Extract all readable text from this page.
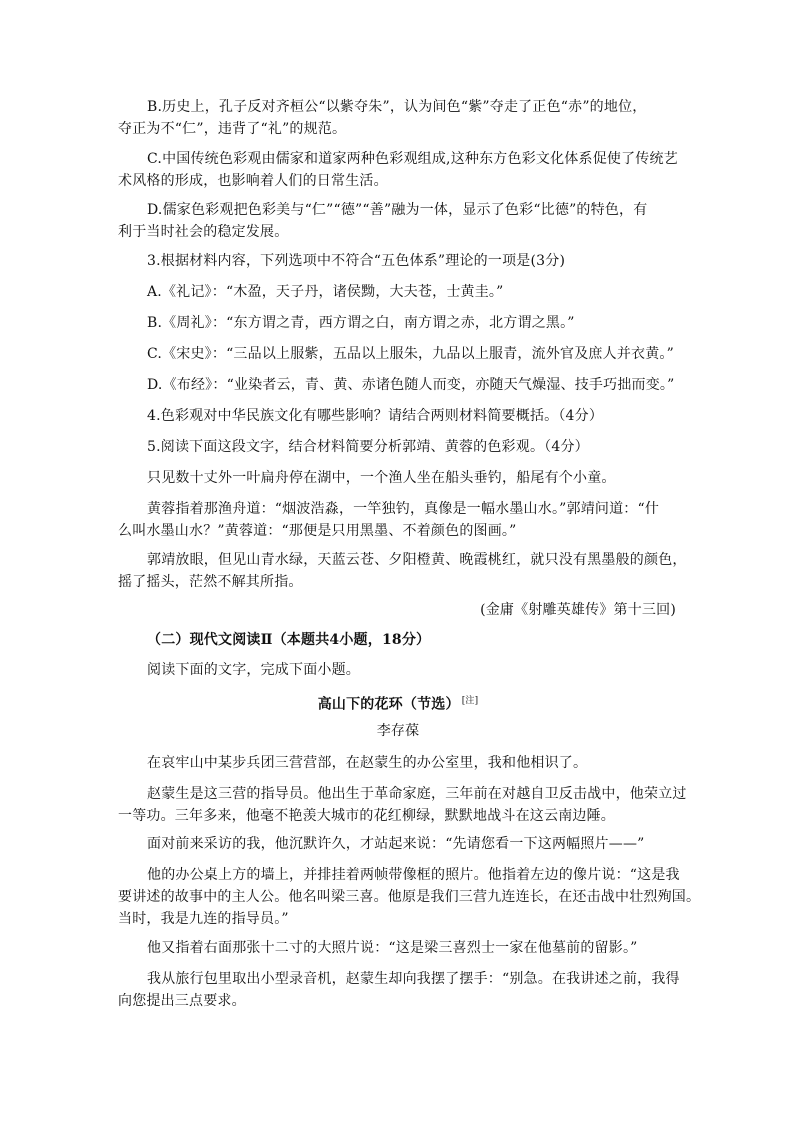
B.历史上，孔子反对齐桓公“以紫夺朱”，认为间色“紫”夺走了正色“赤”的地位，
夺正为不“仁”，违背了“礼”的规范。
C.中国传统色彩观由儒家和道家两种色彩观组成,这种东方色彩文化体系促使了传统艺
术风格的形成，也影响着人们的日常生活。
D.儒家色彩观把色彩美与“仁”“德”“善”融为一体，显示了色彩“比德”的特色，有
利于当时社会的稳定发展。
3.根据材料内容，下列选项中不符合“五色体系”理论的一项是(3分)
A.《礼记》：“木盈，天子丹，诸侯黝，大夫苍，士黄圭。”
B.《周礼》：“东方谓之青，西方谓之白，南方谓之赤，北方谓之黑。”
C.《宋史》：“三品以上服紫，五品以上服朱，九品以上服青，流外官及庶人并衣黄。”
D.《布经》：“业染者云，青、黄、赤诸色随人而变，亦随天气燥湿、技手巧拙而变。”
4.色彩观对中华民族文化有哪些影响？请结合两则材料简要概括。（4分）
5.阅读下面这段文字，结合材料简要分析郭靖、黄蓉的色彩观。（4分）
只见数十丈外一叶扁舟停在湖中，一个渔人坐在船头垂钓，船尾有个小童。
黄蓉指着那渔舟道：“烟波浩淼，一竿独钓，真像是一幅水墨山水。”郭靖问道：“什
么叫水墨山水？”黄蓉道：“那便是只用黑墨、不着颜色的图画。”
郭靖放眼，但见山青水绿，天蓝云苍、夕阳橙黄、晚霞桃红，就只没有黑墨般的颜色，
摇了摇头，茫然不解其所指。
(金庸《射雕英雄传》第十三回)
（二）现代文阅读Ⅱ（本题共4小题，18分）
阅读下面的文字，完成下面小题。
高山下的花环（节选） [注]
李存葆
在哀牢山中某步兵团三营营部，在赵蒙生的办公室里，我和他相识了。
赵蒙生是这三营的指导员。他出生于革命家庭，三年前在对越自卫反击战中，他荣立过
一等功。三年多来，他毫不艳羡大城市的花红柳绿，默默地战斗在这云南边陲。
面对前来采访的我，他沉默许久，才站起来说：“先请您看一下这两幅照片——”
他的办公桌上方的墙上，并排挂着两帧带像框的照片。他指着左边的像片说：“这是我
要讲述的故事中的主人公。他名叫梁三喜。他原是我们三营九连连长，在还击战中壮烈殉国。
当时，我是九连的指导员。”
他又指着右面那张十二寸的大照片说：“这是梁三喜烈士一家在他墓前的留影。”
我从旅行包里取出小型录音机，赵蒙生却向我摆了摆手：“别急。在我讲述之前，我得
向您提出三点要求。
